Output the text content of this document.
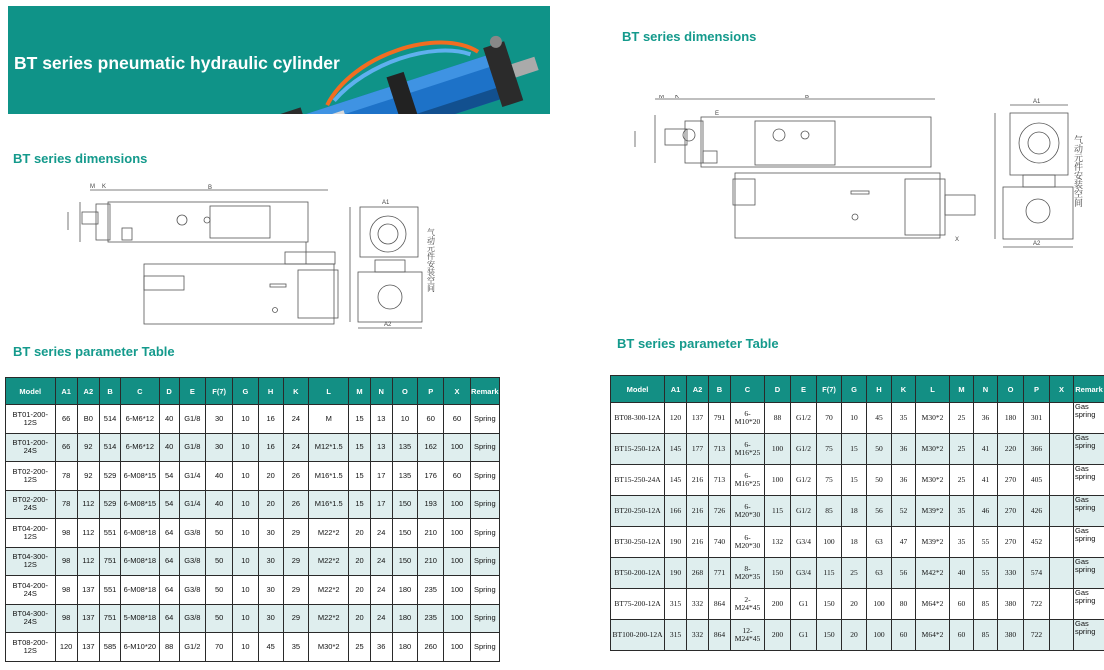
BT series pneumatic hydraulic cylinder
BT series dimensions
B
M K
A1
A2
气动元件安装空间
BT series parameter Table
Model	A1	A2	B	C	D	E	F(7)	G	H	K	L	M	N	O	P	X	Remark
BT01-200-12S	66	B0	514	6-M6*12	40	G1/8	30	10	16	24	M	15	13	10	60	60	Spring
BT01-200-24S	66	92	514	6-M6*12	40	G1/8	30	10	16	24	M12*1.5	15	13	135	162	100	Spring
BT02-200-12S	78	92	529	6-M08*15	54	G1/4	40	10	20	26	M16*1.5	15	17	135	176	60	Spring
BT02-200-24S	78	112	529	6-M08*15	54	G1/4	40	10	20	26	M16*1.5	15	17	150	193	100	Spring
BT04-200-12S	98	112	551	6-M08*18	64	G3/8	50	10	30	29	M22*2	20	24	150	210	100	Spring
BT04-300-12S	98	112	751	6-M08*18	64	G3/8	50	10	30	29	M22*2	20	24	150	210	100	Spring
BT04-200-24S	98	137	551	6-M08*18	64	G3/8	50	10	30	29	M22*2	20	24	180	235	100	Spring
BT04-300-24S	98	137	751	5-M08*18	64	G3/8	50	10	30	29	M22*2	20	24	180	235	100	Spring
BT08-200-12S	120	137	585	6-M10*20	88	G1/2	70	10	45	35	M30*2	25	36	180	260	100	Spring
BT series dimensions
B
M K
A1
A2
E
X
气动元件安装空间
BT series parameter Table
Model	A1	A2	B	C	D	E	F(7)	G	H	K	L	M	N	O	P	X	Remark
BT08-300-12A	120	137	791	6-M10*20	88	G1/2	70	10	45	35	M30*2	25	36	180	301		Gas spring
BT15-250-12A	145	177	713	6-M16*25	100	G1/2	75	15	50	36	M30*2	25	41	220	366		Gas spring
BT15-250-24A	145	216	713	6-M16*25	100	G1/2	75	15	50	36	M30*2	25	41	270	405		Gas spring
BT20-250-12A	166	216	726	6-M20*30	115	G1/2	85	18	56	52	M39*2	35	46	270	426		Gas spring
BT30-250-12A	190	216	740	6-M20*30	132	G3/4	100	18	63	47	M39*2	35	55	270	452		Gas spring
BT50-200-12A	190	268	771	8-M20*35	150	G3/4	115	25	63	56	M42*2	40	55	330	574		Gas spring
BT75-200-12A	315	332	864	2-M24*45	200	G1	150	20	100	80	M64*2	60	85	380	722		Gas spring
BT100-200-12A	315	332	864	12-M24*45	200	G1	150	20	100	60	M64*2	60	85	380	722		Gas spring
